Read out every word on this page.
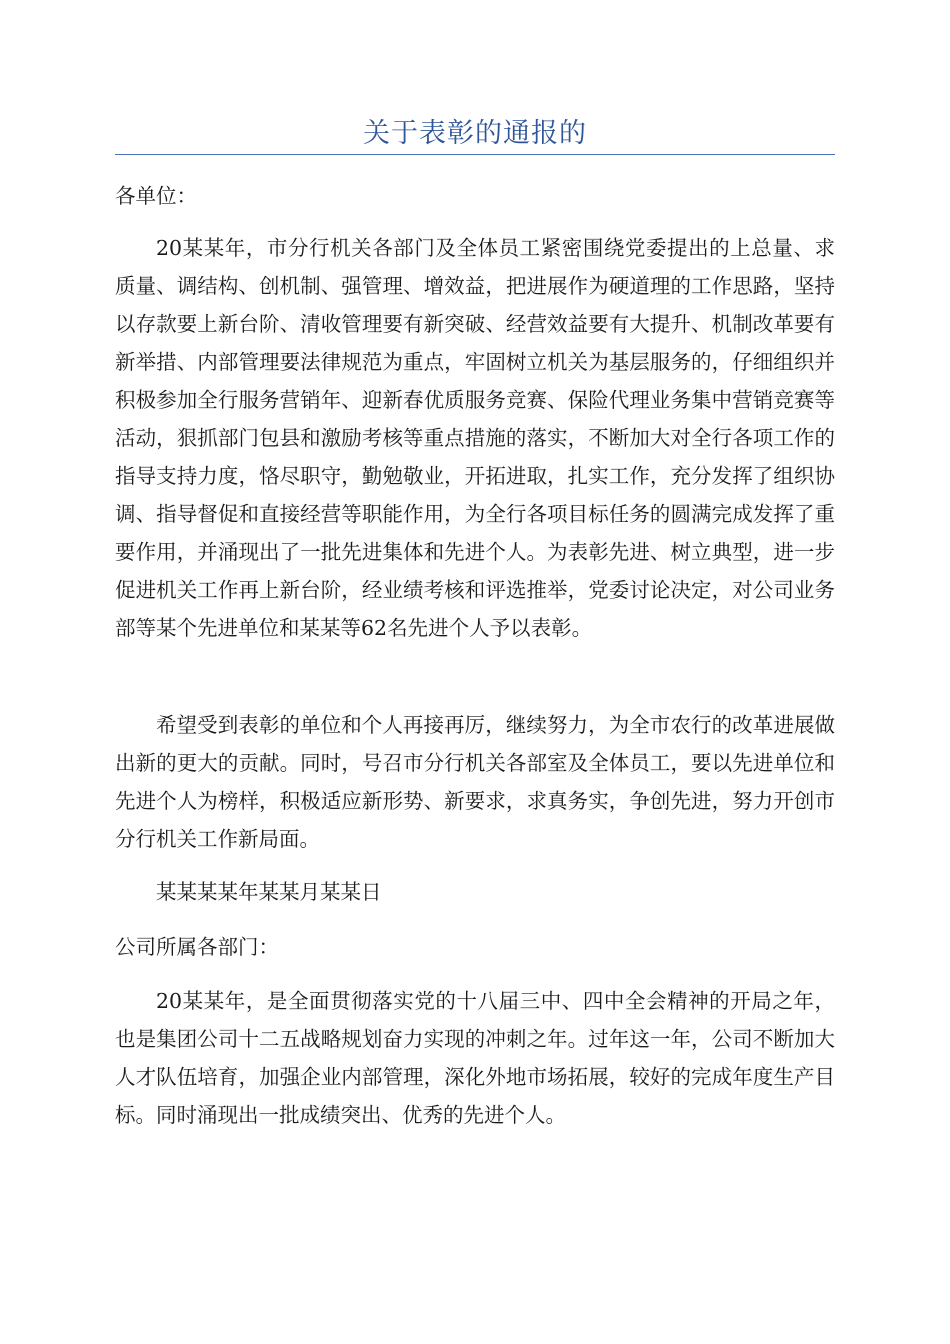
关于表彰的通报的

各单位：

20某某年，市分行机关各部门及全体员工紧密围绕党委提出的上总量、求质量、调结构、创机制、强管理、增效益，把进展作为硬道理的工作思路，坚持以存款要上新台阶、清收管理要有新突破、经营效益要有大提升、机制改革要有新举措、内部管理要法律规范为重点，牢固树立机关为基层服务的，仔细组织并积极参加全行服务营销年、迎新春优质服务竞赛、保险代理业务集中营销竞赛等活动，狠抓部门包县和激励考核等重点措施的落实，不断加大对全行各项工作的指导支持力度，恪尽职守，勤勉敬业，开拓进取，扎实工作，充分发挥了组织协调、指导督促和直接经营等职能作用，为全行各项目标任务的圆满完成发挥了重要作用，并涌现出了一批先进集体和先进个人。为表彰先进、树立典型，进一步促进机关工作再上新台阶，经业绩考核和评选推举，党委讨论决定，对公司业务部等某个先进单位和某某等62名先进个人予以表彰。

希望受到表彰的单位和个人再接再厉，继续努力，为全市农行的改革进展做出新的更大的贡献。同时，号召市分行机关各部室及全体员工，要以先进单位和先进个人为榜样，积极适应新形势、新要求，求真务实，争创先进，努力开创市分行机关工作新局面。

某某某某年某某月某某日

公司所属各部门：

20某某年，是全面贯彻落实党的十八届三中、四中全会精神的开局之年，也是集团公司十二五战略规划奋力实现的冲刺之年。过年这一年，公司不断加大人才队伍培育，加强企业内部管理，深化外地市场拓展，较好的完成年度生产目标。同时涌现出一批成绩突出、优秀的先进个人。
